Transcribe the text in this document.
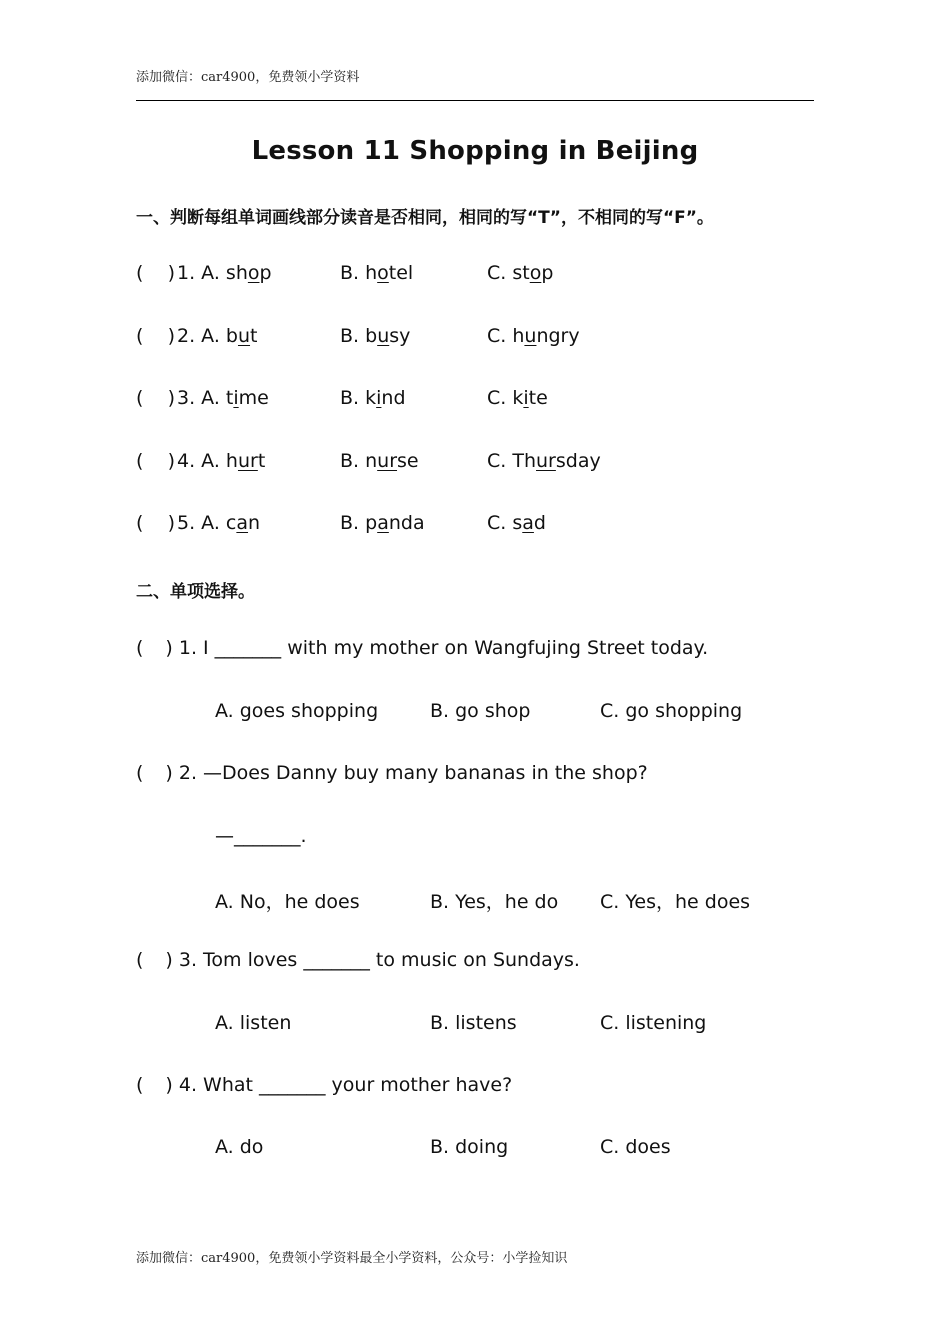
添加微信：car4900，免费领小学资料
Lesson 11 Shopping in Beijing
一、判断每组单词画线部分读音是否相同，相同的写“T”，不相同的写“F”。
(    ) 1. A. shop	B. hotel	C. stop
(    ) 2. A. but	B. busy	C. hungry
(    ) 3. A. time	B. kind	C. kite
(    ) 4. A. hurt	B. nurse	C. Thursday
(    ) 5. A. can	B. panda	C. sad
二、单项选择。
( ) 1. I _______ with my mother on Wangfujing Street today.
A. goes shopping	B. go shop	C. go shopping
( ) 2. —Does Danny buy many bananas in the shop?
—_______.
A. No，he does	B. Yes，he do C. Yes，he does
( ) 3. Tom loves _______ to music on Sundays.
A. listen	B. listens	C. listening
( ) 4. What _______ your mother have?
A. do	B. doing	C. does
添加微信：car4900，免费领小学资料最全小学资料，公众号：小学捡知识
